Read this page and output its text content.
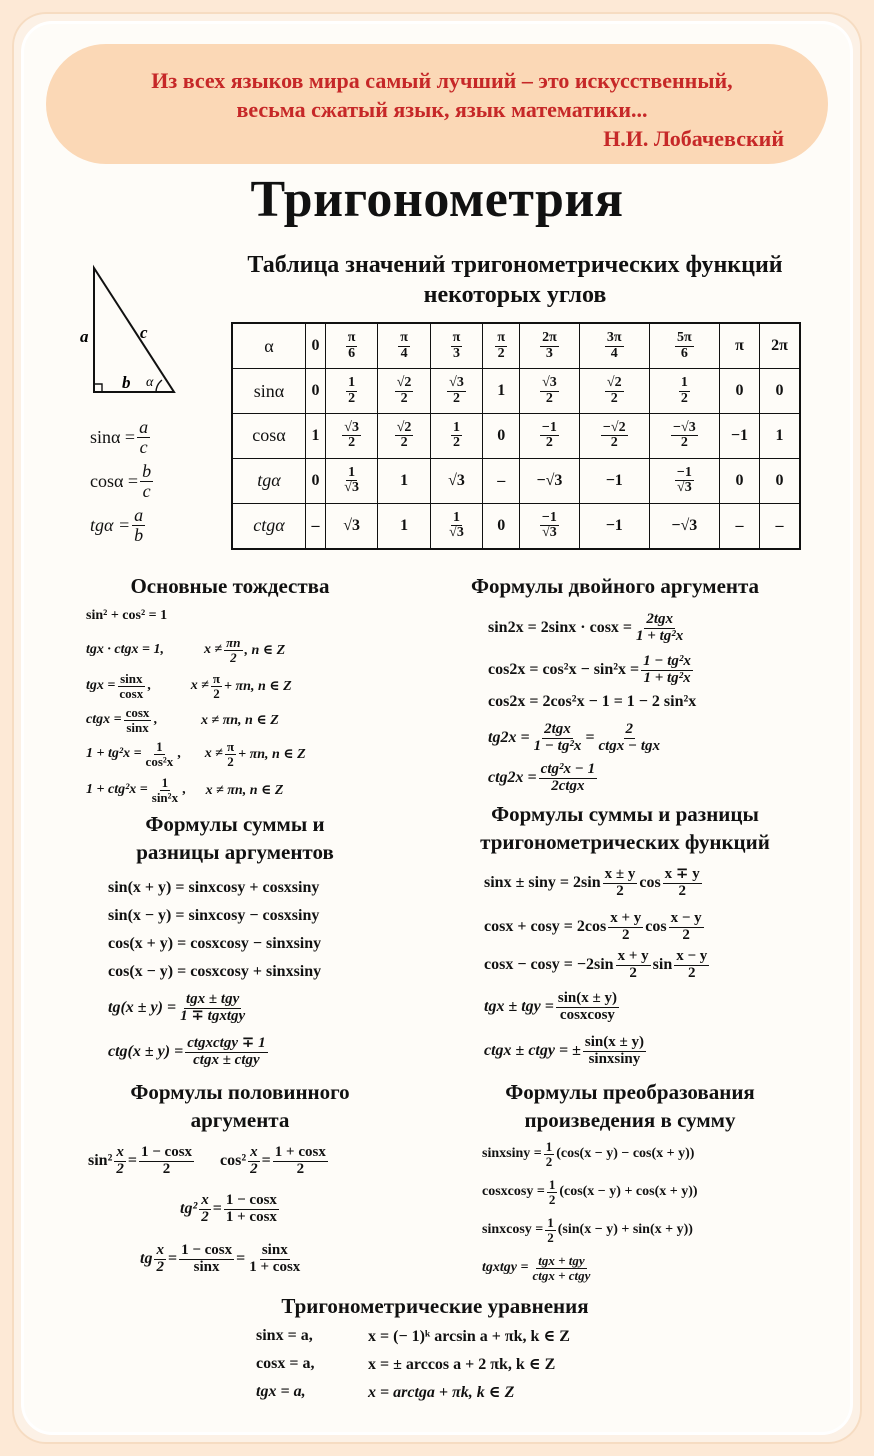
Из всех языков мира самый лучший – это искусственный,
весьма сжатый язык, язык математики...
Н.И. Лобачевский
Тригонометрия
Таблица значений тригонометрических функций некоторых углов
a	c
b α
$\sin\alpha = \frac{a}{c}$
$\cos\alpha = \frac{b}{c}$
$tg\alpha = \frac{a}{b}$
α	0	$\frac{\pi}{6}$	$\frac{\pi}{4}$	$\frac{\pi}{3}$	$\frac{\pi}{2}$	$\frac{2\pi}{3}$	$\frac{3\pi}{4}$	$\frac{5\pi}{6}$	π	2π
sinα	0	$\frac{1}{2}$	$\frac{√2}{2}$	$\frac{√3}{2}$	1	$\frac{√3}{2}$	$\frac{√2}{2}$	$\frac{1}{2}$	0	0
cosα	1	$\frac{√3}{2}$	$\frac{√2}{2}$	$\frac{1}{2}$	0	$\frac{-1}{2}$	$\frac{-√2}{2}$	$\frac{-√3}{2}$	−1	1
tgα	0	$\frac{1}{√3}$	1	√3	–	−√3	−1	$\frac{-1}{√3}$	0	0
ctgα	–	√3	1	$\frac{1}{√3}$	0	$\frac{-1}{√3}$	−1	−√3	–	–
Основные тождества	Формулы двойного аргумента
Формулы суммы и
разницы аргументов
Формулы суммы и разницы
тригонометрических функций
Формулы половинного
аргумента
Формулы преобразования
произведения в сумму
Тригонометрические уравнения
sin² + cos² = 1
tgx · ctgx = 1,	$x \ne \frac{\pi n}{2}$ , n ∈ Z
tgx = $\frac{\sin x}{\cos x}$ ,	$x \ne \frac{\pi}{2} + \pi n$, n ∈ Z
ctgx = $\frac{\cos x}{\sin x}$ ,	x ≠ πn, n ∈ Z
$1 + tg^2x = \frac{1}{\text{cos²x}}$ , $x \ne \frac{\pi}{2} + \pi n$, n ∈ Z
$1 + ctg^2x = \frac{1}{\text{sin²x}}$ , x ≠ πn, n ∈ Z
sin2x = 2sinx · cosx =
2tgx
1 + tg²x
$\cos 2x = \cos^2x - \sin^2x = \frac{\text{1 − tg²x}}{\text{1 + tg²x}}$
cos2x = 2cos²x − 1 = 1 − 2 sin²x
tg2x =
2tgx
1 − tg²x =
2
ctgx − tgx
ctg2x =
ctg²x − 1
2ctgx
sin(x + y) = sinxcosy + cosxsiny
sin(x − y) = sinxcosy − cosxsiny
cos(x + y) = cosxcosy − sinxsiny
cos(x − y) = cosxcosy + sinxsiny
tg(x ± y) =
tgx ± tgy
1 ∓ tgxtgy
ctg(x ± y) =
ctgxctgy ∓ 1
ctgx ± ctgy
$\sin x \pm \sin y = 2\sin \frac{x \pm y}{2}$ $\cos \frac{x \mp y}{2}$
$\cos x + \cos y = 2\cos \frac{x + y}{2}$ $\cos \frac{x - y}{2}$
$\cos x - \cos y = -2\sin \frac{x + y}{2}$ $\sin \frac{x - y}{2}$
tgx ± tgy = $\frac{\sin(x \pm y)}{\text{cosxcosy}}$
ctgx ± ctgy = ± $\frac{\sin(x \pm y)}{\text{sinxsiny}}$
$\sin^2 \frac{x}{2} = \frac{1 - \cos x}{2} \cos^2 \frac{x}{2} = \frac{1 + \cos x}{2}$
$tg^2 \frac{x}{2} = \frac{1 - \cos x}{1 + \cos x}$
tg $\frac{x}{2} = \frac{1 - \cos x}{\sin x} = \frac{\sin x}{1 + \cos x}$
sinxsiny = $\frac{1}{2} (\cos(x - y) - \cos(x + y))$
cosxcosy = $\frac{1}{2} (\cos(x - y) + \cos(x + y))$
sinxcosy = $\frac{1}{2} (\sin(x - y) + \sin(x + y))$
tgxtgy = tgx + tgy
ctgx + ctgy
sinx = a,	x = (− 1)ᵏ arcsin a + πk, k ∈ Z
cosx = a,	x = ± arccos a + 2 πk, k ∈ Z
tgx = a,	x = arctga + πk, k ∈ Z
